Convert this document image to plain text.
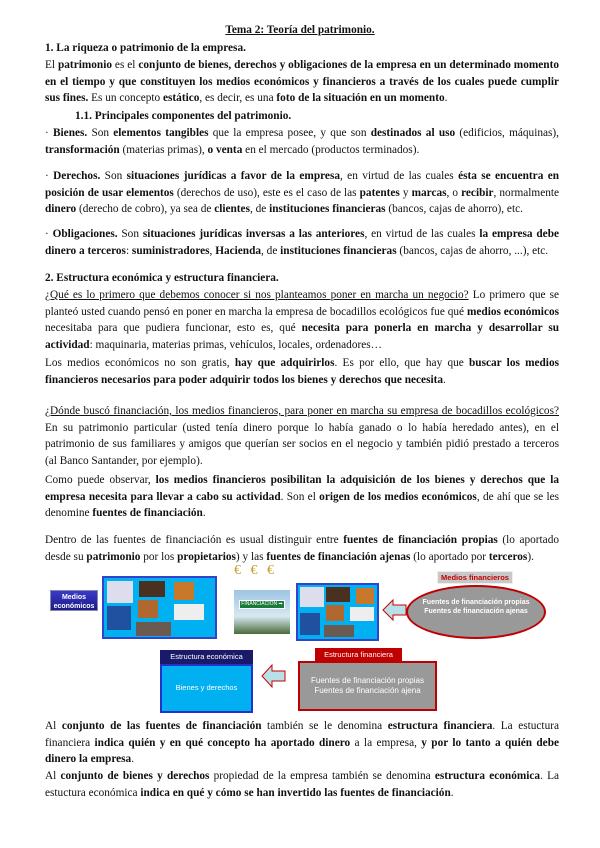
Tema 2: Teoría del patrimonio.
1. La riqueza o patrimonio de la empresa.
El patrimonio es el conjunto de bienes, derechos y obligaciones de la empresa en un determinado momento en el tiempo y que constituyen los medios económicos y financieros a través de los cuales puede cumplir sus fines. Es un concepto estático, es decir, es una foto de la situación en un momento.
1.1. Principales componentes del patrimonio.
· Bienes. Son elementos tangibles que la empresa posee, y que son destinados al uso (edificios, máquinas), transformación (materias primas), o venta en el mercado (productos terminados).
· Derechos. Son situaciones jurídicas a favor de la empresa, en virtud de las cuales ésta se encuentra en posición de usar elementos (derechos de uso), este es el caso de las patentes y marcas, o recibir, normalmente dinero (derecho de cobro), ya sea de clientes, de instituciones financieras (bancos, cajas de ahorro), etc.
· Obligaciones. Son situaciones jurídicas inversas a las anteriores, en virtud de las cuales la empresa debe dinero a terceros: suministradores, Hacienda, de instituciones financieras (bancos, cajas de ahorro, ...), etc.
2. Estructura económica y estructura financiera.
¿Qué es lo primero que debemos conocer si nos planteamos poner en marcha un negocio? Lo primero que se planteó usted cuando pensó en poner en marcha la empresa de bocadillos ecológicos fue qué medios económicos necesitaba para que pudiera funcionar, esto es, qué necesita para ponerla en marcha y desarrollar su actividad: maquinaria, materias primas, vehículos, locales, ordenadores…
Los medios económicos no son gratis, hay que adquirirlos. Es por ello, que hay que buscar los medios financieros necesarios para poder adquirir todos los bienes y derechos que necesita.
¿Dónde buscó financiación, los medios financieros, para poner en marcha su empresa de bocadillos ecológicos? En su patrimonio particular (usted tenía dinero porque lo había ganado o lo había heredado antes), en el patrimonio de sus familiares y amigos que querían ser socios en el negocio y también pidió prestado a terceros (al Banco Santander, por ejemplo).
Como puede observar, los medios financieros posibilitan la adquisición de los bienes y derechos que la empresa necesita para llevar a cabo su actividad. Son el origen de los medios económicos, de ahí que se les denomine fuentes de financiación.
Dentro de las fuentes de financiación es usual distinguir entre fuentes de financiación propias (lo aportado desde su patrimonio por los propietarios) y las fuentes de financiación ajenas (lo aportado por terceros).
Al conjunto de las fuentes de financiación también se le denomina estructura financiera. La estuctura financiera indica quién y en qué concepto ha aportado dinero a la empresa, y por lo tanto a quién debe dinero la empresa.
Al conjunto de bienes y derechos propiedad de la empresa también se denomina estructura económica. La estuctura económica indica en qué y cómo se han invertido las fuentes de financiación.
Medios económicos
€ € €
FINANCIACIÓN ➡
Medios financieros
Fuentes de financiación propias
Fuentes de financiación ajenas
Estructura económica
Bienes y derechos
Estructura financiera
Fuentes de financiación propias
Fuentes de financiación ajena
